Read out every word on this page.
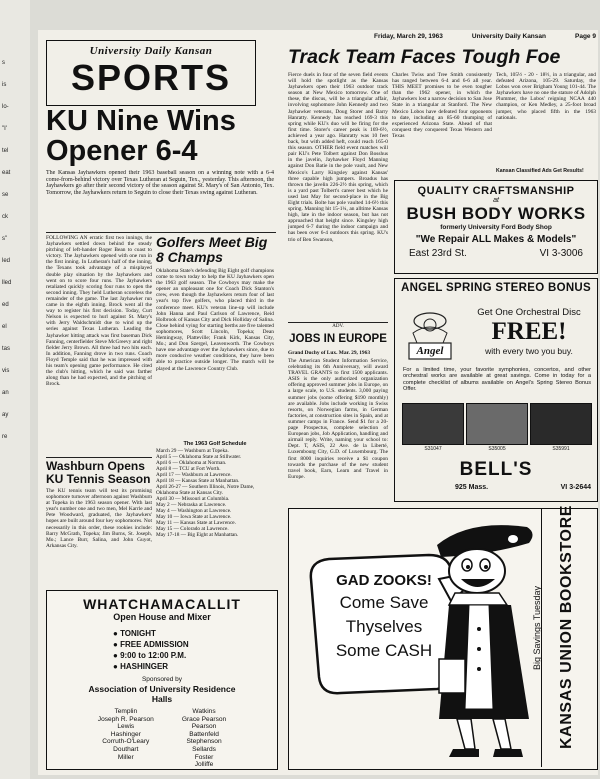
s
is
lo-
"I'
tel
eat
se
ck
s"
led
lled
ed
el
tas
vis
an
ay
re
Friday, March 29, 1963	University Daily Kansan	Page 9
University Daily Kansan
SPORTS
KU Nine Wins Opener 6-4
The Kansas Jayhawkers opened their 1963 baseball season on a winning note with a 6-4 come-from-behind victory over Texas Lutheran at Seguin, Tex., yesterday. This afternoon, the Jayhawkers go after their second victory of the season against St. Mary's of San Antonio, Tex. Tomorrow, the Jayhawkers return to Seguin to close their Texas swing against Lutheran.
FOLLOWING AN erratic first two innings, the Jayhawkers settled down behind the steady pitching of left-hander Roger Bean to coast to victory. The Jayhawkers opened with one run in the first inning. In Lutheran's half of the inning, the Texans took advantage of a misplayed double play situation by the Jayhawkers and went on to score four runs. The Jayhawkers retaliated quickly scoring four runs to open the second inning. They held Lutheran scoreless the remainder of the game. The last Jayhawker run came in the eighth inning. Brock went all the way to register his first decision. Today, Curt Nelson is expected to hurl against St. Mary's with Jerry Waldschmidt due to wind up the series against Texas Lutheran. Leading the Jayhawker hitting attack was first baseman Dick Fanning, centerfielder Steve McGreevy and right fielder Jerry Brown. All three had two hits each. In addition, Fanning drove in two runs. Coach Floyd Temple said that he was impressed with his team's opening game performance. He cited the club's hitting, which he said was farther along than he had expected, and the pitching of Brock.
Golfers Meet Big 8 Champs
Oklahoma State's defending Big Eight golf champions come to town today to help the KU Jayhawkers open the 1963 golf season. The Cowboys may make the opener an unpleasant one for Coach Dick Stanton's crew, even though the Jayhawkers return four of last year's top five golfers, who placed third in the conference meet. KU's veteran line-up will include John Hanna and Paul Carlson of Lawrence, Reid Holbrook of Kansas City and Dick Holliday of Salina. Close behind vying for starting berths are five talented sophomores, Scott Lincoln, Topeka; Dean Hemingway, Platteville; Frank Kirk, Kansas City, Mo.; and Don Szergel, Leavenworth. The Cowboys have one advantage over the Jayhawkers since, due to more conducive weather conditions, they have been able to practice outside longer. The match will be played at the Lawrence Country Club.
The 1963 Golf Schedule
March 29 — Washburn at Topeka.
April 5 — Oklahoma State at Stillwater.
April 6 — Oklahoma at Norman.
April 8 — TCU at Fort Worth.
April 17 — Washburn at Lawrence.
April 18 — Kansas State at Manhattan.
April 26-27 — Southern Illinois, Notre Dame, Oklahoma State at Kansas City.
April 30 — Missouri at Columbia.
May 2 — Nebraska at Lawrence.
May 4 — Washington at Lawrence.
May 10 — Iowa State at Lawrence.
May 11 — Kansas State at Lawrence.
May 15 — Colorado at Lawrence.
May 17-18 — Big Eight at Manhattan.
Washburn Opens KU Tennis Season
The KU tennis team will test its promising sophomore turnover afternoon against Washburn at Topeka in the 1963 season opener. With last year's number one and two men, Mel Karrle and Pete Woodward, graduated, the Jayhawkers' hopes are built around four key sophomores. Not necessarily in this order, these rookies include: Barry McGrath, Topeka; Jim Burns, St. Joseph, Mo.; Lance Burr, Salina, and John Guyot, Arkansas City.
WHATCHAMACALLIT
Open House and Mixer
● TONIGHT
● FREE ADMISSION
● 9:00 to 12:00 P.M.
● HASHINGER
Sponsored by
Association of University Residence Halls
Templin
Joseph R. Pearson
Lewis
Hashinger
Corruth-O'Leary
Douthart
Miller
Watkins
Grace Pearson
Pearson
Battenfeld
Stephenson
Sellards
Foster
Jolliffe
Track Team Faces Tough Foe
Fierce duels in four of the seven field events will hold the spotlight as the Kansas Jayhawkers open their 1963 outdoor track season at New Mexico tomorrow. One of these, the discus, will be a triangular affair, involving sophomore John Kennedy and two Jayhawker veterans, Doug Storer and Barry Hanratty. Kennedy has reached 169-3 this spring while KU's duo will be firing for the first time. Storer's career peak is 169-6½, achieved a year ago. Hanratty was 10 feet back, but with added heft, could reach 165-0 this season. OTHER field event matches will pair KU's Pete Tolbert against Don Bosshus in the javelin, Jayhawker Floyd Manning against Don Batie in the pole vault, and New Mexico's Larry Kingsley against Kansas' three capable high jumpers. Broadus has thrown the javelin 226-2½ this spring, which is a yard past Tolbert's career best which he used last May for second-place in the Big Eight trials. Bolte has pole vaulted 14-6½ this spring. Manning hit 15-1¼, an alltime Kansas high, late in the indoor season, but has not approached that height since. Kingsley high jumped 6-7 during the indoor campaign and has been over 6-4 outdoors this spring. KU's trio of Ben Swanson,
Charles Twiss and Tree Smith consistently has ranged between 6-4 and 6-6 all year. THIS MEET promises to be even tougher than the 1962 opener, in which the Jayhawkers lost a narrow decision to San Jose State in a triangular at Stanford. The New Mexico Lobos have defeated four opponents to date, including an 85-60 thumping of experienced Arizona State. Ahead of that conquest they conquered Texas Western and Texas
Tech, 105½ - 20 - 18½, in a triangular, and defeated Arizona, 105-29. Saturday, the Lobos won over Brigham Young 101-44. The Jayhawkers have no one the stature of Adolph Plummer, the Lobos' reigning NCAA 440 champion, or Ken Medley, a 25-foot broad jumper, who placed fifth in the 1963 nationals.
Kansan Classified Ads Get Results!
ADV.
JOBS IN EUROPE
Grand Duchy of Lux. Mar. 29, 1963
The American Student Information Service, celebrating its 6th Anniversary, will award TRAVEL GRANTS to first 1500 applicants. ASIS is the only authorized organization offering approved summer jobs in Europe, on a large scale, to U.S. students. 3,000 paying summer jobs (some offering $190 monthly) are available. Jobs include working in Swiss resorts, on Norwegian farms, in German factories, at construction sites in Spain, and at summer camps in France. Send $1 for a 20-page Prospectus, complete selection of European jobs, Job Application, handling and airmail reply. Write, naming your school to: Dept. T, ASIS, 22 Ave. de la Liberté, Luxembourg City, G.D. of Luxembourg. The first 8000 inquiries receive a $1 coupon towards the purchase of the new student travel book, Earn, Learn and Travel in Europe.
QUALITY CRAFTSMANSHIP
at
BUSH BODY WORKS
formerly University Ford Body Shop
"We Repair ALL Makes & Models"
East 23rd St.	VI 3-3006
ANGEL SPRING STEREO BONUS
Angel
Get One Orchestral Disc
FREE!
with every two you buy.
For a limited time, your favorite symphonies, concertos, and other orchestral works are available at great savings. Come in today for a complete checklist of albums available on Angel's Spring Stereo Bonus Offer.
S31047	S35005	S35991
BELL'S
925 Mass.	VI 3-2644
GAD ZOOKS!
Come Save
Thyselves
Some CASH	KANSAS UNION BOOKSTORE
Big Savings Tuesday
